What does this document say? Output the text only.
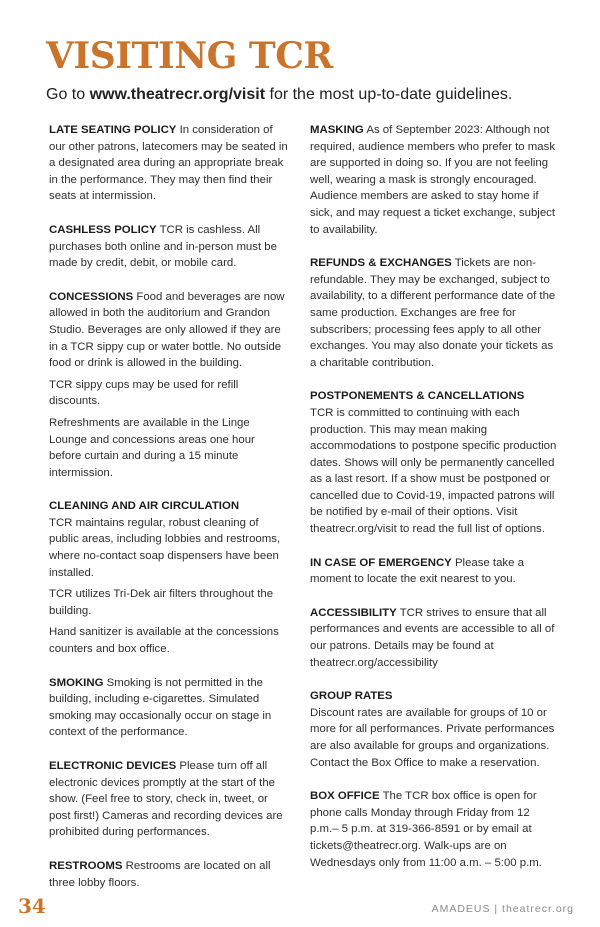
VISITING TCR
Go to www.theatrecr.org/visit for the most up-to-date guidelines.

LATE SEATING POLICY In consideration of our other patrons, latecomers may be seated in a designated area during an appropriate break in the performance. They may then find their seats at intermission.

CASHLESS POLICY TCR is cashless. All purchases both online and in-person must be made by credit, debit, or mobile card.

CONCESSIONS Food and beverages are now allowed in both the auditorium and Grandon Studio. Beverages are only allowed if they are in a TCR sippy cup or water bottle. No outside food or drink is allowed in the building.

TCR sippy cups may be used for refill discounts.

Refreshments are available in the Linge Lounge and concessions areas one hour before curtain and during a 15 minute intermission.

CLEANING AND AIR CIRCULATION
TCR maintains regular, robust cleaning of public areas, including lobbies and restrooms, where no-contact soap dispensers have been installed.

TCR utilizes Tri-Dek air filters throughout the building.

Hand sanitizer is available at the concessions counters and box office.

SMOKING Smoking is not permitted in the building, including e-cigarettes. Simulated smoking may occasionally occur on stage in context of the performance.

ELECTRONIC DEVICES Please turn off all electronic devices promptly at the start of the show. (Feel free to story, check in, tweet, or post first!) Cameras and recording devices are prohibited during performances.

RESTROOMS Restrooms are located on all three lobby floors.

MASKING As of September 2023: Although not required, audience members who prefer to mask are supported in doing so. If you are not feeling well, wearing a mask is strongly encouraged. Audience members are asked to stay home if sick, and may request a ticket exchange, subject to availability.

REFUNDS & EXCHANGES Tickets are non-refundable. They may be exchanged, subject to availability, to a different performance date of the same production. Exchanges are free for subscribers; processing fees apply to all other exchanges. You may also donate your tickets as a charitable contribution.

POSTPONEMENTS & CANCELLATIONS
TCR is committed to continuing with each production. This may mean making accommodations to postpone specific production dates. Shows will only be permanently cancelled as a last resort. If a show must be postponed or cancelled due to Covid-19, impacted patrons will be notified by e-mail of their options. Visit theatrecr.org/visit to read the full list of options.

IN CASE OF EMERGENCY Please take a moment to locate the exit nearest to you.

ACCESSIBILITY TCR strives to ensure that all performances and events are accessible to all of our patrons. Details may be found at theatrecr.org/accessibility

GROUP RATES
Discount rates are available for groups of 10 or more for all performances. Private performances are also available for groups and organizations. Contact the Box Office to make a reservation.

BOX OFFICE The TCR box office is open for phone calls Monday through Friday from 12 p.m.– 5 p.m. at 319-366-8591 or by email at tickets@theatrecr.org. Walk-ups are on Wednesdays only from 11:00 a.m. – 5:00 p.m.

34	AMADEUS | theatrecr.org
